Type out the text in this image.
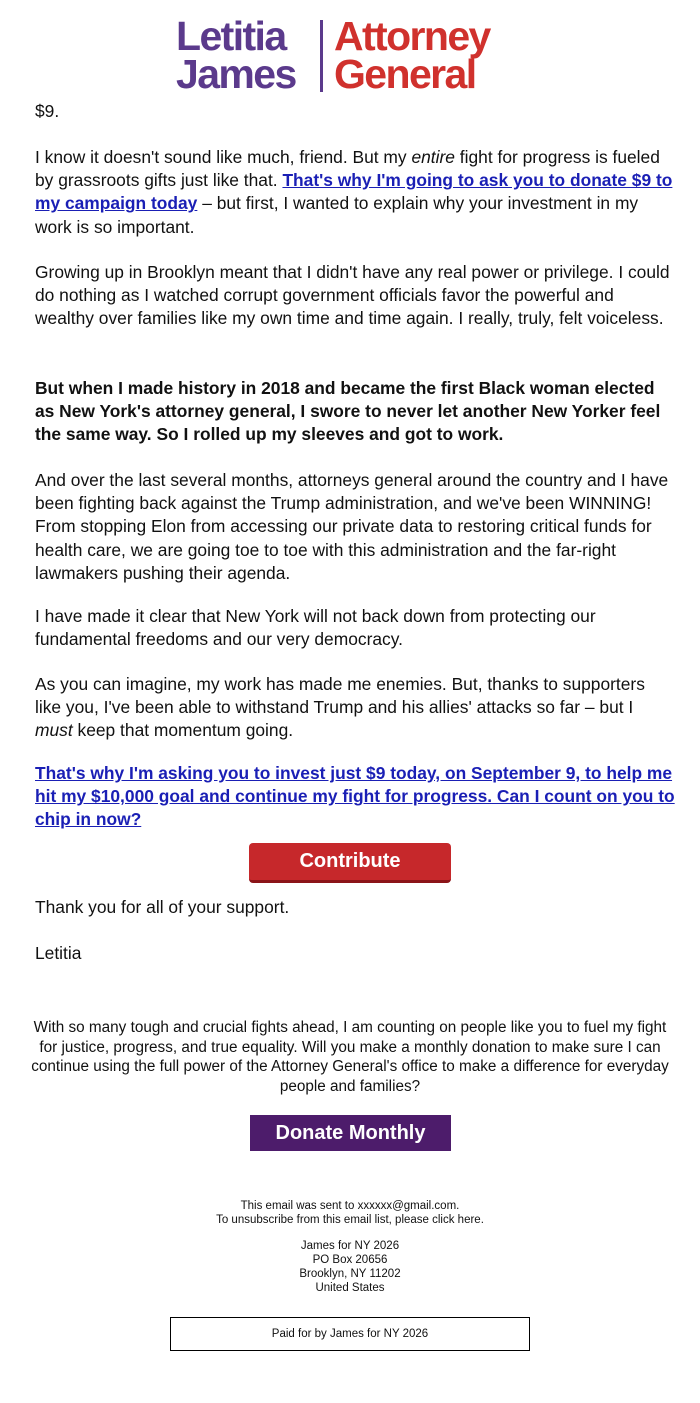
Letitia
James
Attorney
General
$9.
I know it doesn't sound like much, friend. But my entire fight for progress is fueled by grassroots gifts just like that. That's why I'm going to ask you to donate $9 to my campaign today – but first, I wanted to explain why your investment in my work is so important.
Growing up in Brooklyn meant that I didn't have any real power or privilege. I could do nothing as I watched corrupt government officials favor the powerful and wealthy over families like my own time and time again. I really, truly, felt voiceless.
But when I made history in 2018 and became the first Black woman elected as New York's attorney general, I swore to never let another New Yorker feel the same way. So I rolled up my sleeves and got to work.
And over the last several months, attorneys general around the country and I have been fighting back against the Trump administration, and we've been WINNING! From stopping Elon from accessing our private data to restoring critical funds for health care, we are going toe to toe with this administration and the far-right lawmakers pushing their agenda.
I have made it clear that New York will not back down from protecting our fundamental freedoms and our very democracy.
As you can imagine, my work has made me enemies. But, thanks to supporters like you, I've been able to withstand Trump and his allies' attacks so far – but I must keep that momentum going.
That's why I'm asking you to invest just $9 today, on September 9, to help me hit my $10,000 goal and continue my fight for progress. Can I count on you to chip in now?
Contribute
Thank you for all of your support.
Letitia
With so many tough and crucial fights ahead, I am counting on people like you to fuel my fight for justice, progress, and true equality. Will you make a monthly donation to make sure I can continue using the full power of the Attorney General's office to make a difference for everyday people and families?
Donate Monthly
This email was sent to xxxxxx@gmail.com.
To unsubscribe from this email list, please click here.
James for NY 2026
PO Box 20656
Brooklyn, NY 11202
United States
Paid for by James for NY 2026
